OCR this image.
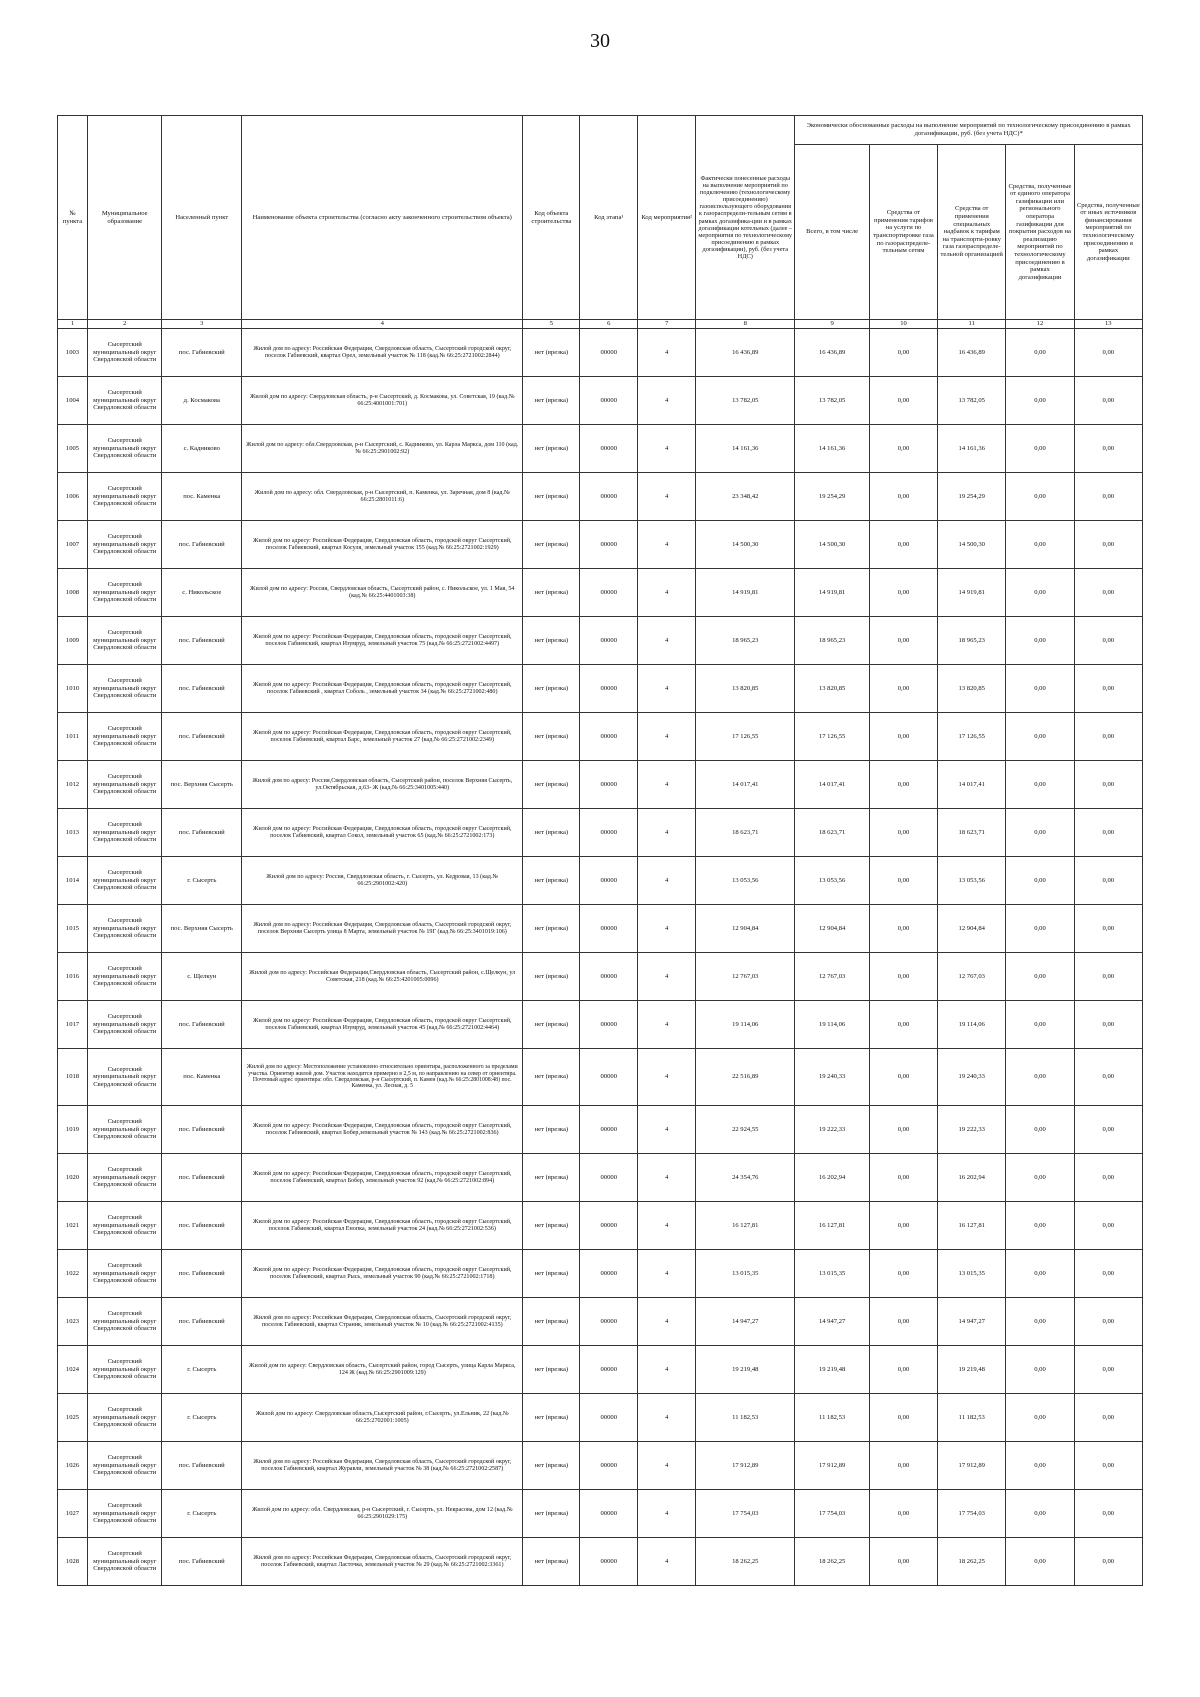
30
№ пункта	Муниципальное образование	Населенный пункт	Наименование объекта строительства (согласно акту законченного строительством объекта)	Код объекта строительства	Код этапа¹	Код мероприятия²	Фактически понесенные расходы на выполнение мероприятий по подключению (технологическому присоединению) газоиспользующего оборудования к газораспредели-тельным сетям в рамках догазифика-ции и в рамках догазификации котельных (далее – мероприятия по технологическому присоединению в рамках догазификации), руб. (без учета НДС)	Экономически обоснованные расходы на выполнение мероприятий по технологическому присоединению в рамках догазификации, руб. (без учета НДС)*				
								Всего, в том числе	Средства от применения тарифов на услуги по транспортировке газа по газораспределе-тельным сетям	Средства от применения специальных надбавок к тарифам на транспорти-ровку газа газораспределе-тельной организацией	Средства, полученные от единого оператора газификации или регионального оператора газификации для покрытия расходов на реализацию мероприятий по технологическому присоединению в рамках догазификации	Средства, полученные от иных источников финансирования мероприятий по технологическому присоединению в рамках догазификации
1	2	3	4	5	6	7	8	9	10	11	12	13
1003	Сысертский муниципальный округ Свердловской области	пос. Габиевский	Жилой дом по адресу: Российская Федерация, Свердловская область, Сысертский городской округ, поселок Габиевский, квартал Орел, земельный участок № 118 (кад.№ 66:25:2721002:2844)	нет (врезка)	00000	4	16 436,89	16 436,89	0,00	16 436,89	0,00	0,00
1004	Сысертский муниципальный округ Свердловской области	д. Космакова	Жилой дом по адресу: Свердловская область, р-н Сысертский, д. Космакова, ул. Советская, 19 (кад.№ 66:25:4001001:701)	нет (врезка)	00000	4	13 782,05	13 782,05	0,00	13 782,05	0,00	0,00
1005	Сысертский муниципальный округ Свердловской области	с. Кадниково	Жилой дом по адресу: обл.Свердловская, р-н Сысертский, с. Кадниково, ул. Карла Маркса, дом 110 (кад.№ 66:25:2901002:92)	нет (врезка)	00000	4	14 161,36	14 161,36	0,00	14 161,36	0,00	0,00
1006	Сысертский муниципальный округ Свердловской области	пос. Каменка	Жилой дом по адресу: обл. Свердловская, р-н Сысертский, п. Каменка, ул. Заречная, дом 8 (кад.№ 66:25:2801011:6)	нет (врезка)	00000	4	23 348,42	19 254,29	0,00	19 254,29	0,00	0,00
1007	Сысертский муниципальный округ Свердловской области	пос. Габиевский	Жилой дом по адресу: Российская Федерация, Свердловская область, городской округ Сысертский, поселок Габиевский, квартал Косуля, земельный участок 155 (кад.№ 66:25:2721002:1929)	нет (врезка)	00000	4	14 500,30	14 500,30	0,00	14 500,30	0,00	0,00
1008	Сысертский муниципальный округ Свердловской области	с. Никольское	Жилой дом по адресу: Россия, Свердловская область, Сысертский район, с. Никольское, ул. 1 Мая, 54 (кад.№ 66:25:4401003:38)	нет (врезка)	00000	4	14 919,81	14 919,81	0,00	14 919,81	0,00	0,00
1009	Сысертский муниципальный округ Свердловской области	пос. Габиевский	Жилой дом по адресу: Российская Федерация, Свердловская область, городской округ Сысертский, поселок Габиевский, квартал Изумруд, земельный участок 75 (кад.№ 66:25:2721002:4497)	нет (врезка)	00000	4	18 965,23	18 965,23	0,00	18 965,23	0,00	0,00
1010	Сысертский муниципальный округ Свердловской области	пос. Габиевский	Жилой дом по адресу: Российская Федерация, Свердловская область, городской округ Сысертский, поселок Габиевский , квартал Соболь , земельный участок 34 (кад.№ 66:25:2721002:480)	нет (врезка)	00000	4	13 820,85	13 820,85	0,00	13 820,85	0,00	0,00
1011	Сысертский муниципальный округ Свердловской области	пос. Габиевский	Жилой дом по адресу: Российская Федерация, Свердловская область, городской округ Сысертский, поселок Габиевский, квартал Барс, земельный участок 27 (кад.№ 66:25:2721002:2349)	нет (врезка)	00000	4	17 126,55	17 126,55	0,00	17 126,55	0,00	0,00
1012	Сысертский муниципальный округ Свердловской области	пос. Верхняя Сысерть	Жилой дом по адресу: Россия,Свердловская область, Сысертский район, поселок Верхняя Сысерть, ул.Октябрьская, д.63- Ж (кад.№ 66:25:3401005:440)	нет (врезка)	00000	4	14 017,41	14 017,41	0,00	14 017,41	0,00	0,00
1013	Сысертский муниципальный округ Свердловской области	пос. Габиевский	Жилой дом по адресу: Российская Федерация, Свердловская область, городской округ Сысертский, поселок Габиевский, квартал Сокол, земельный участок 65 (кад.№ 66:25:2721002:173)	нет (врезка)	00000	4	18 623,71	18 623,71	0,00	18 623,71	0,00	0,00
1014	Сысертский муниципальный округ Свердловской области	г. Сысерть	Жилой дом по адресу: Россия, Свердловская область, г. Сысерть, ул. Кедровая, 13 (кад.№ 66:25:2901002:420)	нет (врезка)	00000	4	13 053,56	13 053,56	0,00	13 053,56	0,00	0,00
1015	Сысертский муниципальный округ Свердловской области	пос. Верхняя Сысерть	Жилой дом по адресу: Российская Федерация, Свердловская область, Сысертский городской округ, поселок Верхняя Сысерть улица 8 Марта, земельный участок № 19Г (кад.№ 66:25:3401019:106)	нет (врезка)	00000	4	12 904,84	12 904,84	0,00	12 904,84	0,00	0,00
1016	Сысертский муниципальный округ Свердловской области	с. Щелкун	Жилой дом по адресу: Российская Федерация,Свердловская область, Сысертский район, с.Щелкун, ул Советская, 218 (кад.№ 66:25:4201005:0096)	нет (врезка)	00000	4	12 767,03	12 767,03	0,00	12 767,03	0,00	0,00
1017	Сысертский муниципальный округ Свердловской области	пос. Габиевский	Жилой дом по адресу: Российская Федерация, Свердловская область, городской округ Сысертский, поселок Габиевский, квартал Изумруд, земельный участок 45 (кад.№ 66:25:2721002:4464)	нет (врезка)	00000	4	19 114,06	19 114,06	0,00	19 114,06	0,00	0,00
1018	Сысертский муниципальный округ Свердловской области	пос. Каменка	Жилой дом по адресу: Местоположение установлено относительно ориентира, расположенного за пределами участка. Ориентир жилой дом. Участок находится примерно в 2,5 м, по направлению на север от ориентира. Почтовый адрес ориентира: обл. Свердловская, р-н Сысертский, п. Камен (кад.№ 66:25:2801008:48) пос. Каменка, ул. Лесная, д. 5	нет (врезка)	00000	4	22 516,89	19 240,33	0,00	19 240,33	0,00	0,00
1019	Сысертский муниципальный округ Свердловской области	пос. Габиевский	Жилой дом по адресу: Российская Федерация, Свердловская область, городской округ Сысертский, поселок Габиевский, квартал Бобер,земельный участок № 143 (кад.№ 66:25:2721002:836)	нет (врезка)	00000	4	22 924,55	19 222,33	0,00	19 222,33	0,00	0,00
1020	Сысертский муниципальный округ Свердловской области	пос. Габиевский	Жилой дом по адресу: Российская Федерация, Свердловская область, городской округ Сысертский, поселок Габиевский, квартал Бобер, земельный участок 92 (кад.№ 66:25:2721002:894)	нет (врезка)	00000	4	24 354,76	16 202,94	0,00	16 202,94	0,00	0,00
1021	Сысертский муниципальный округ Свердловской области	пос. Габиевский	Жилой дом по адресу: Российская Федерация, Свердловская область, городской округ Сысертский, поселок Габиевский, квартал Енопка, земельный участок 24 (кад.№ 66:25:2721002:536)	нет (врезка)	00000	4	16 127,81	16 127,81	0,00	16 127,81	0,00	0,00
1022	Сысертский муниципальный округ Свердловской области	пос. Габиевский	Жилой дом по адресу: Российская Федерация, Свердловская область, городской округ Сысертский, поселок Габиевский, квартал Рысь, земельный участок 90 (кад.№ 66:25:2721002:1718)	нет (врезка)	00000	4	13 015,35	13 015,35	0,00	13 015,35	0,00	0,00
1023	Сысертский муниципальный округ Свердловской области	пос. Габиевский	Жилой дом по адресу: Российская Федерация, Свердловская область, Сысертский городской округ, поселок Габиевский, квартал Страник, земельный участок № 10 (кад.№ 66:25:2721002:4135)	нет (врезка)	00000	4	14 947,27	14 947,27	0,00	14 947,27	0,00	0,00
1024	Сысертский муниципальный округ Свердловской области	г. Сысерть	Жилой дом по адресу: Свердловская область, Сысертский район, город Сысерть, улица Карла Маркса, 124 Ж (кад.№ 66:25:2901009:129)	нет (врезка)	00000	4	19 219,48	19 219,48	0,00	19 219,48	0,00	0,00
1025	Сысертский муниципальный округ Свердловской области	г. Сысерть	Жилой дом по адресу: Свердловская область,Сысертский район, г.Сысерть, ул.Ельник, 22 (кад.№ 66:25:2702001:1005)	нет (врезка)	00000	4	11 182,53	11 182,53	0,00	11 182,53	0,00	0,00
1026	Сысертский муниципальный округ Свердловской области	пос. Габиевский	Жилой дом по адресу: Российская Федерация, Свердловская область, Сысертский городской округ, поселок Габиевский, квартал Журавли, земельный участок № 38 (кад.№ 66:25:2721002:2587)	нет (врезка)	00000	4	17 912,89	17 912,89	0,00	17 912,89	0,00	0,00
1027	Сысертский муниципальный округ Свердловской области	г. Сысерть	Жилой дом по адресу: обл. Свердловская, р-н Сысертский, г. Сысерть, ул. Некрасова, дом 12 (кад.№ 66:25:2901029:175)	нет (врезка)	00000	4	17 754,03	17 754,03	0,00	17 754,03	0,00	0,00
1028	Сысертский муниципальный округ Свердловской области	пос. Габиевский	Жилой дом по адресу: Российская Федерация, Свердловская область, Сысертский городской округ, поселок Габиевский, квартал Ласточка, земельный участок № 29 (кад.№ 66:25:2721002:3361)	нет (врезка)	00000	4	18 262,25	18 262,25	0,00	18 262,25	0,00	0,00
